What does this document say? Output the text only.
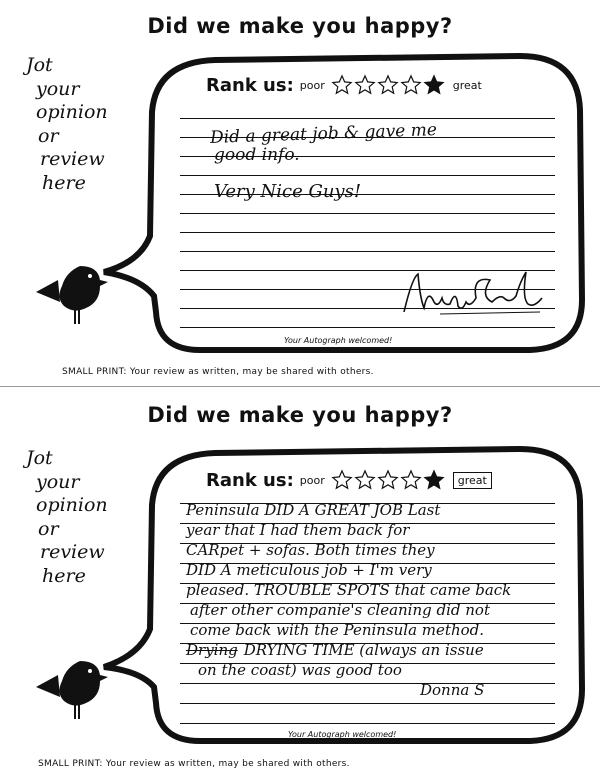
Did we make you happy?
Jot
your
opinion
or
review
here
Rank us: poor	great
Did a great job & gave me
good info.
Very Nice Guys!
Your Autograph welcomed!
SMALL PRINT: Your review as written, may be shared with others.
Did we make you happy?
Jot
your
opinion
or
review
here
Rank us: poor	great
Peninsula DID A GREAT JOB Last
year that I had them back for
CARpet + sofas. Both times they
DID A meticulous job + I'm very
pleased. TROUBLE SPOTS that came back
after other companie's cleaning did not
come back with the Peninsula method.
Drying DRYING TIME (always an issue
on the coast) was good too
Donna S
Your Autograph welcomed!
SMALL PRINT: Your review as written, may be shared with others.
